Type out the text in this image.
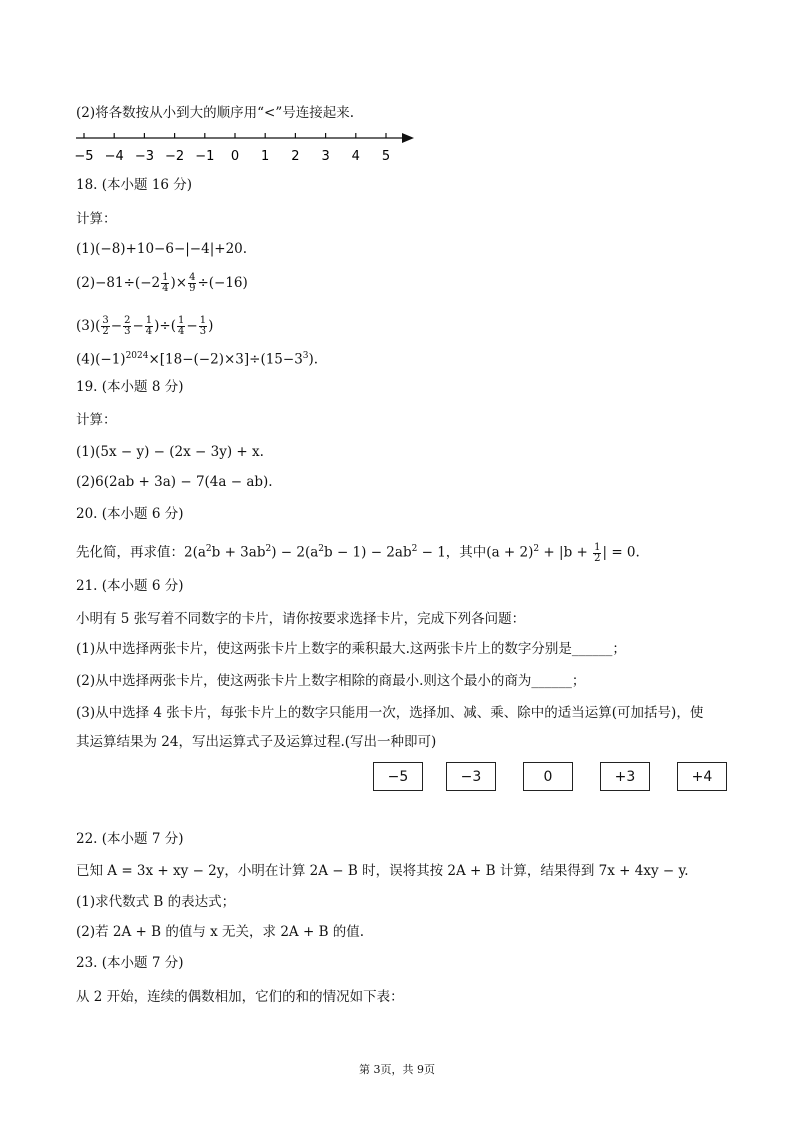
(2)将各数按从小到大的顺序用“<”号连接起来.
−5 −4 −3 −2 −1 0 1 2 3 4 5
18. (本小题 16 分)
计算：
(1)(−8)+10−6−|−4|+20.
$(2)-81\div(-2 \frac{1}{4}$ )× $\frac{4}{9} \div(-16)$
$(3)( \frac{3}{2} - \frac{2}{3} - \frac{1}{4}$ )÷( $\frac{1}{4} - \frac{1}{3}$ )
$(4)(-1)^{2024}\times[18-(-2)\times 3]\div(15-3^3)$.
19. (本小题 8 分)
计算：
(1)(5x − y) − (2x − 3y) + x.
(2)6(2ab + 3a) − 7(4a − ab).
20. (本小题 6 分)
先化简，再求值：$2(a^2b + 3ab^2) - 2(a^2b - 1) - 2ab^2 - 1$，其中$(a + 2)^2 + |b + \frac{1}{2}$ | = 0.
21. (本小题 6 分)
小明有 5 张写着不同数字的卡片，请你按要求选择卡片，完成下列各问题：
(1)从中选择两张卡片，使这两张卡片上数字的乘积最大.这两张卡片上的数字分别是______；
(2)从中选择两张卡片，使这两张卡片上数字相除的商最小.则这个最小的商为______；
(3)从中选择 4 张卡片，每张卡片上的数字只能用一次，选择加、减、乘、除中的适当运算(可加括号)，使
其运算结果为 24，写出运算式子及运算过程.(写出一种即可)
−5	−3	0	+3	+4
22. (本小题 7 分)
已知 A = 3x + xy − 2y，小明在计算 2A − B 时，误将其按 2A + B 计算，结果得到 7x + 4xy − y.
(1)求代数式 B 的表达式；
(2)若 2A + B 的值与 x 无关，求 2A + B 的值.
23. (本小题 7 分)
从 2 开始，连续的偶数相加，它们的和的情况如下表：
第 3页，共 9页
